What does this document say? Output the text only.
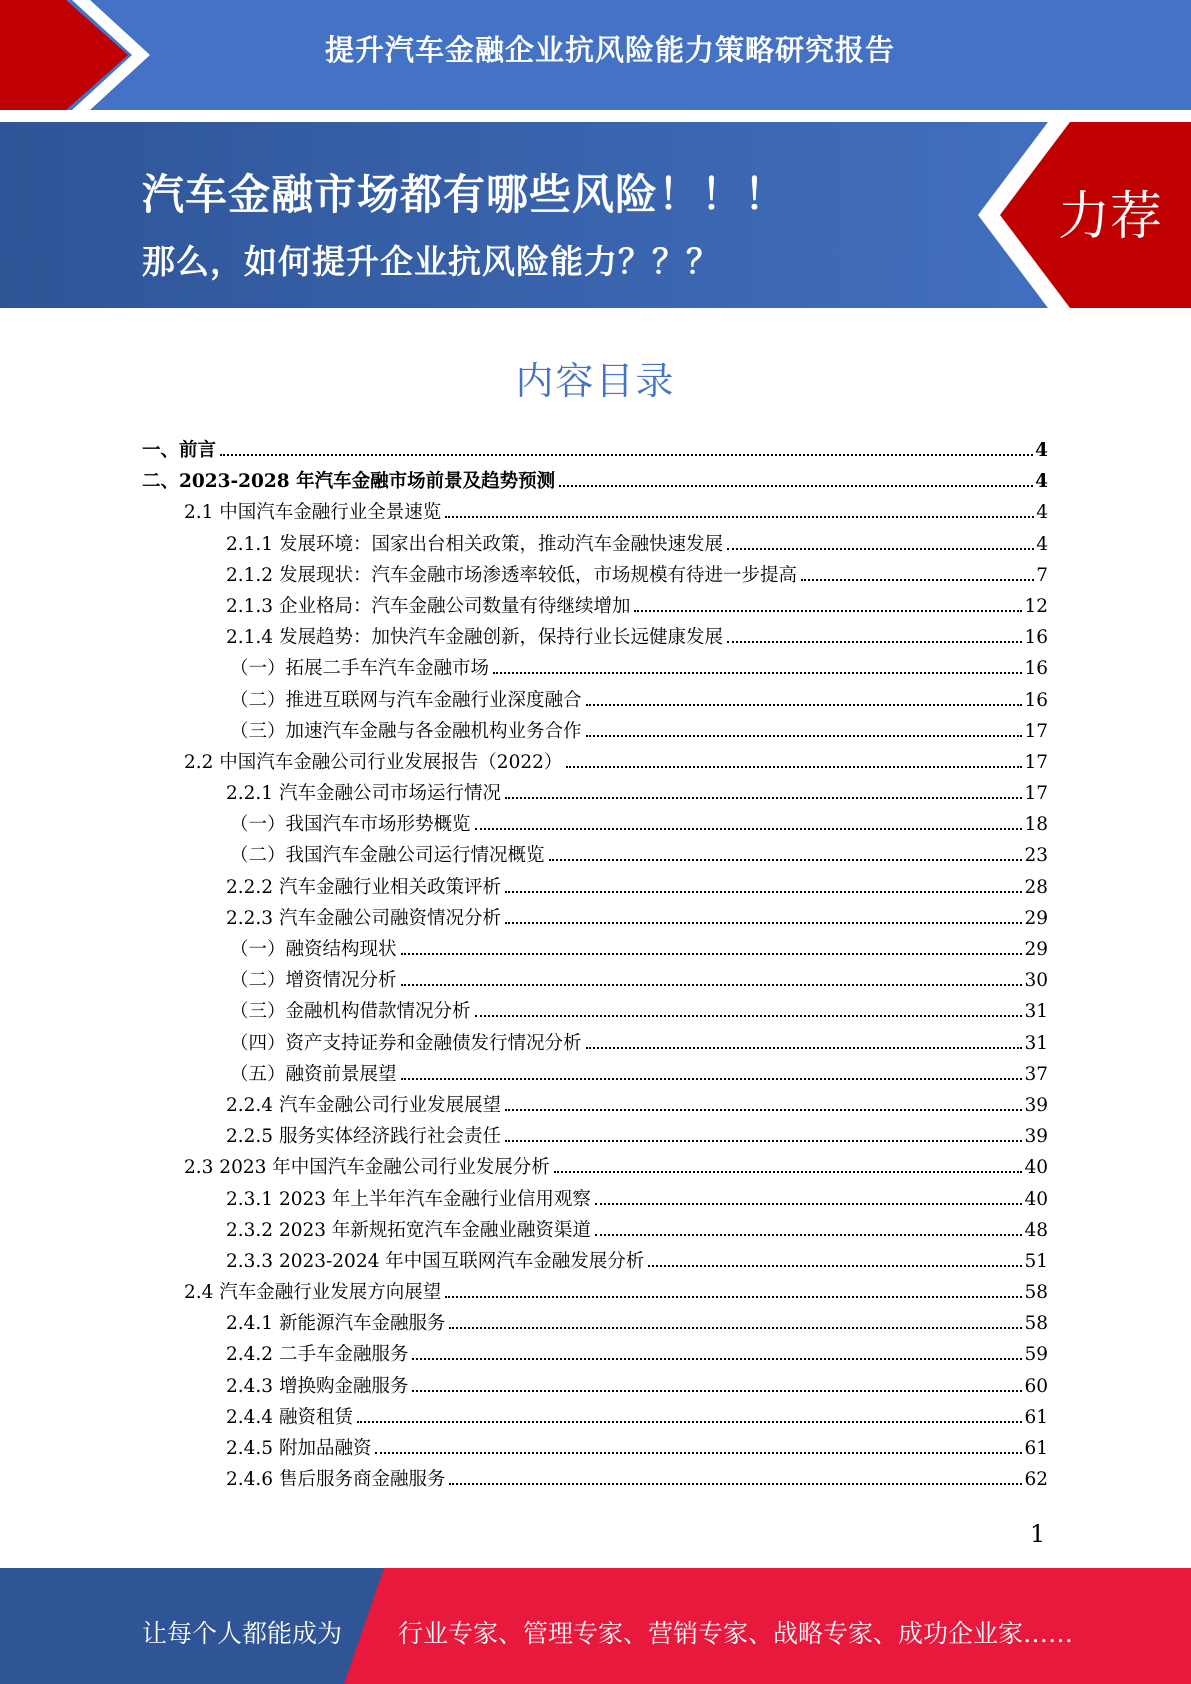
提升汽车金融企业抗风险能力策略研究报告
汽车金融市场都有哪些风险！！！
那么，如何提升企业抗风险能力？？？
力荐
内容目录
一、前言	4
二、2023-2028 年汽车金融市场前景及趋势预测	4
2.1 中国汽车金融行业全景速览	4
2.1.1 发展环境：国家出台相关政策，推动汽车金融快速发展	4
2.1.2 发展现状：汽车金融市场渗透率较低，市场规模有待进一步提高	7
2.1.3 企业格局：汽车金融公司数量有待继续增加	12
2.1.4 发展趋势：加快汽车金融创新，保持行业长远健康发展	16
（一）拓展二手车汽车金融市场	16
（二）推进互联网与汽车金融行业深度融合	16
（三）加速汽车金融与各金融机构业务合作	17
2.2 中国汽车金融公司行业发展报告（2022）	17
2.2.1 汽车金融公司市场运行情况	17
（一）我国汽车市场形势概览	18
（二）我国汽车金融公司运行情况概览	23
2.2.2 汽车金融行业相关政策评析	28
2.2.3 汽车金融公司融资情况分析	29
（一）融资结构现状	29
（二）增资情况分析	30
（三）金融机构借款情况分析	31
（四）资产支持证券和金融债发行情况分析	31
（五）融资前景展望	37
2.2.4 汽车金融公司行业发展展望	39
2.2.5 服务实体经济践行社会责任	39
2.3 2023 年中国汽车金融公司行业发展分析	40
2.3.1 2023 年上半年汽车金融行业信用观察	40
2.3.2 2023 年新规拓宽汽车金融业融资渠道	48
2.3.3 2023-2024 年中国互联网汽车金融发展分析	51
2.4 汽车金融行业发展方向展望	58
2.4.1 新能源汽车金融服务	58
2.4.2 二手车金融服务	59
2.4.3 增换购金融服务	60
2.4.4 融资租赁	61
2.4.5 附加品融资	61
2.4.6 售后服务商金融服务	62
1
让每个人都能成为 行业专家、管理专家、营销专家、战略专家、成功企业家……
